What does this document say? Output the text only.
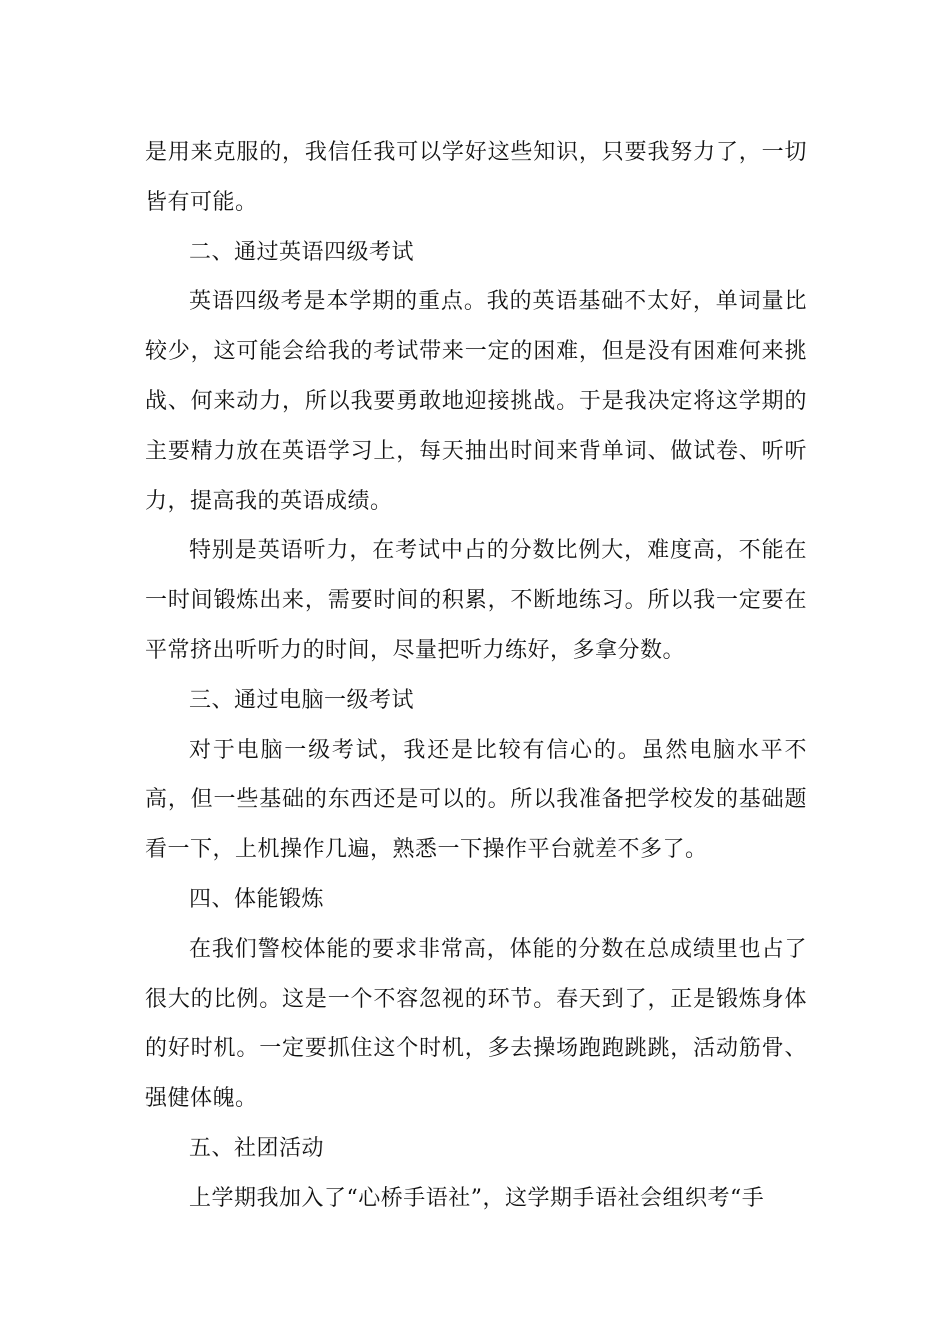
是用来克服的，我信任我可以学好这些知识，只要我努力了，一切皆有可能。

二、通过英语四级考试

英语四级考是本学期的重点。我的英语基础不太好，单词量比较少，这可能会给我的考试带来一定的困难，但是没有困难何来挑战、何来动力，所以我要勇敢地迎接挑战。于是我决定将这学期的主要精力放在英语学习上，每天抽出时间来背单词、做试卷、听听力，提高我的英语成绩。

特别是英语听力，在考试中占的分数比例大，难度高，不能在一时间锻炼出来，需要时间的积累，不断地练习。所以我一定要在平常挤出听听力的时间，尽量把听力练好，多拿分数。

三、通过电脑一级考试

对于电脑一级考试，我还是比较有信心的。虽然电脑水平不高，但一些基础的东西还是可以的。所以我准备把学校发的基础题看一下，上机操作几遍，熟悉一下操作平台就差不多了。

四、体能锻炼

在我们警校体能的要求非常高，体能的分数在总成绩里也占了很大的比例。这是一个不容忽视的环节。春天到了，正是锻炼身体的好时机。一定要抓住这个时机，多去操场跑跑跳跳，活动筋骨、强健体魄。

五、社团活动

上学期我加入了“心桥手语社”，这学期手语社会组织考“手
